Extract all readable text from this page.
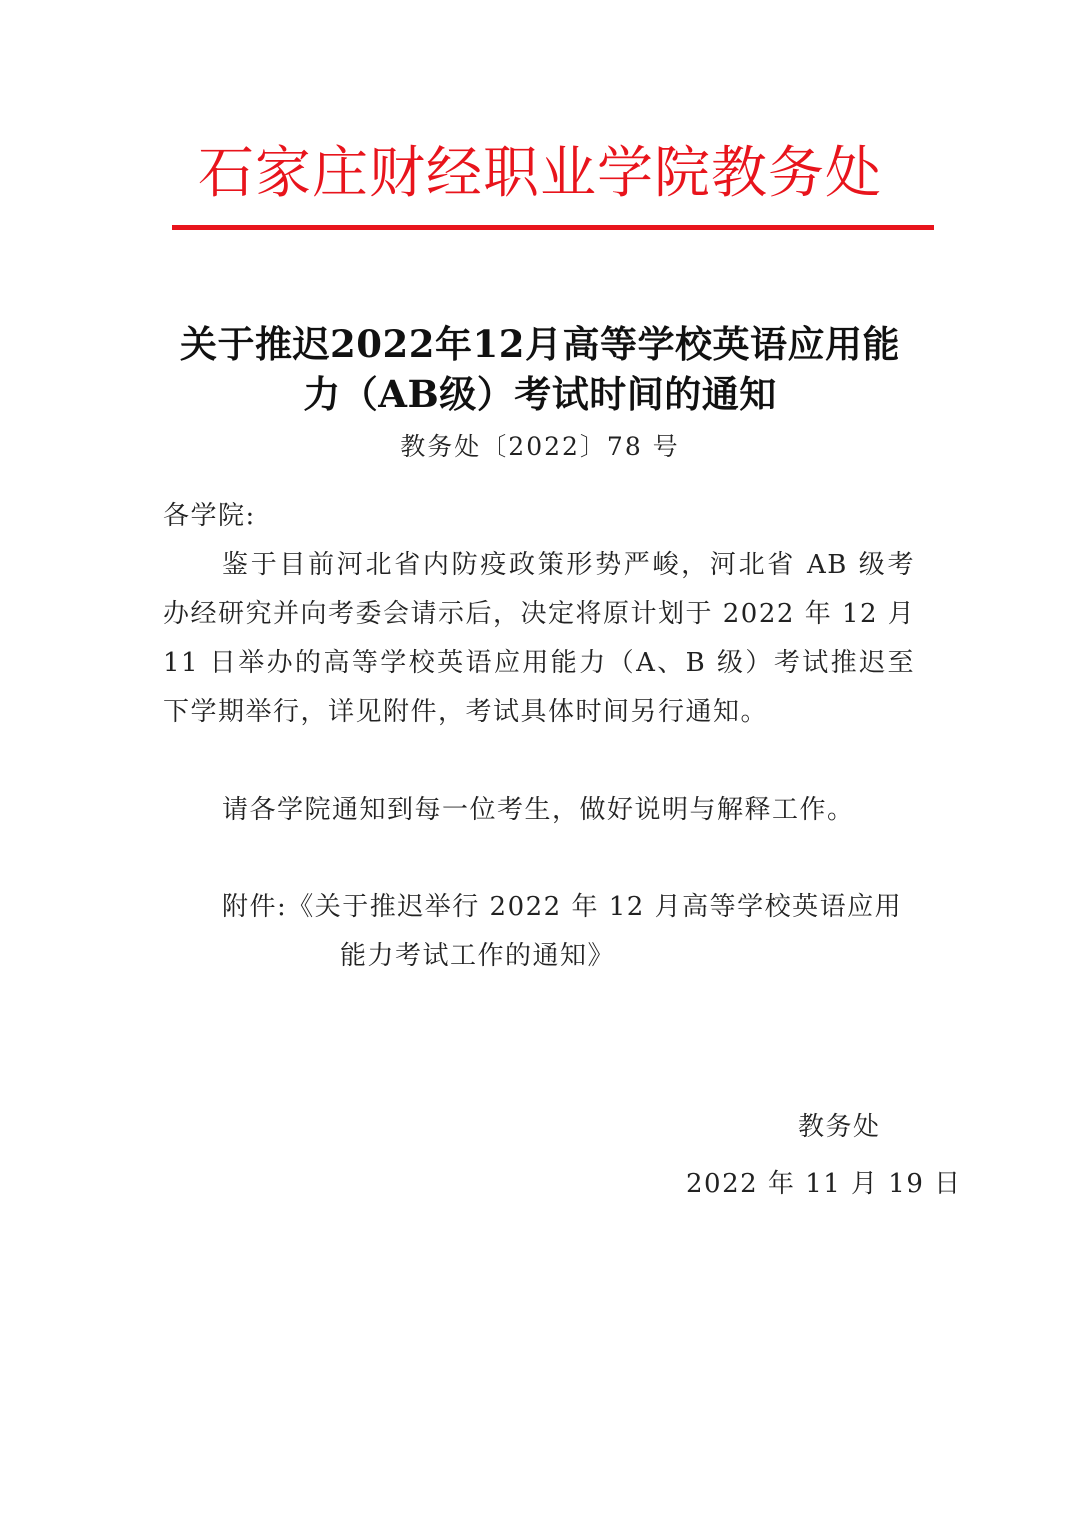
石家庄财经职业学院教务处
关于推迟2022年12月高等学校英语应用能
力（AB级）考试时间的通知
教务处〔2022〕78 号
各学院:
鉴于目前河北省内防疫政策形势严峻，河北省 AB 级考
办经研究并向考委会请示后，决定将原计划于 2022 年 12 月
11 日举办的高等学校英语应用能力（A、B 级）考试推迟至
下学期举行，详见附件，考试具体时间另行通知。
请各学院通知到每一位考生，做好说明与解释工作。
附件:《关于推迟举行 2022 年 12 月高等学校英语应用
能力考试工作的通知》
教务处
2022 年 11 月 19 日
